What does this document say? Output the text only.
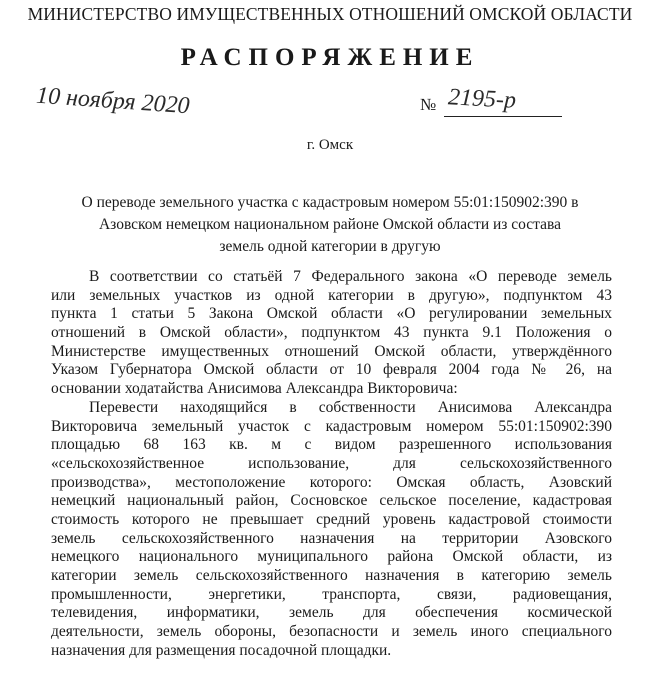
МИНИСТЕРСТВО ИМУЩЕСТВЕННЫХ ОТНОШЕНИЙ ОМСКОЙ ОБЛАСТИ
РАСПОРЯЖЕНИЕ
10 ноября 2020	№ 2195-р
г. Омск
О переводе земельного участка с кадастровым номером 55:01:150902:390 в
Азовском немецком национальном районе Омской области из состава
земель одной категории в другую
В соответствии со статьёй 7 Федерального закона «О переводе земель
или земельных участков из одной категории в другую», подпунктом 43
пункта 1 статьи 5 Закона Омской области «О регулировании земельных
отношений в Омской области», подпунктом 43 пункта 9.1 Положения о
Министерстве имущественных отношений Омской области, утверждённого
Указом Губернатора Омской области от 10 февраля 2004 года № 26, на
основании ходатайства Анисимова Александра Викторовича:
Перевести находящийся в собственности Анисимова Александра
Викторовича земельный участок с кадастровым номером 55:01:150902:390
площадью 68 163 кв. м с видом разрешенного использования
«сельскохозяйственное использование, для сельскохозяйственного
производства», местоположение которого: Омская область, Азовский
немецкий национальный район, Сосновское сельское поселение, кадастровая
стоимость которого не превышает средний уровень кадастровой стоимости
земель сельскохозяйственного назначения на территории Азовского
немецкого национального муниципального района Омской области, из
категории земель сельскохозяйственного назначения в категорию земель
промышленности, энергетики, транспорта, связи, радиовещания,
телевидения, информатики, земель для обеспечения космической
деятельности, земель обороны, безопасности и земель иного специального
назначения для размещения посадочной площадки.
